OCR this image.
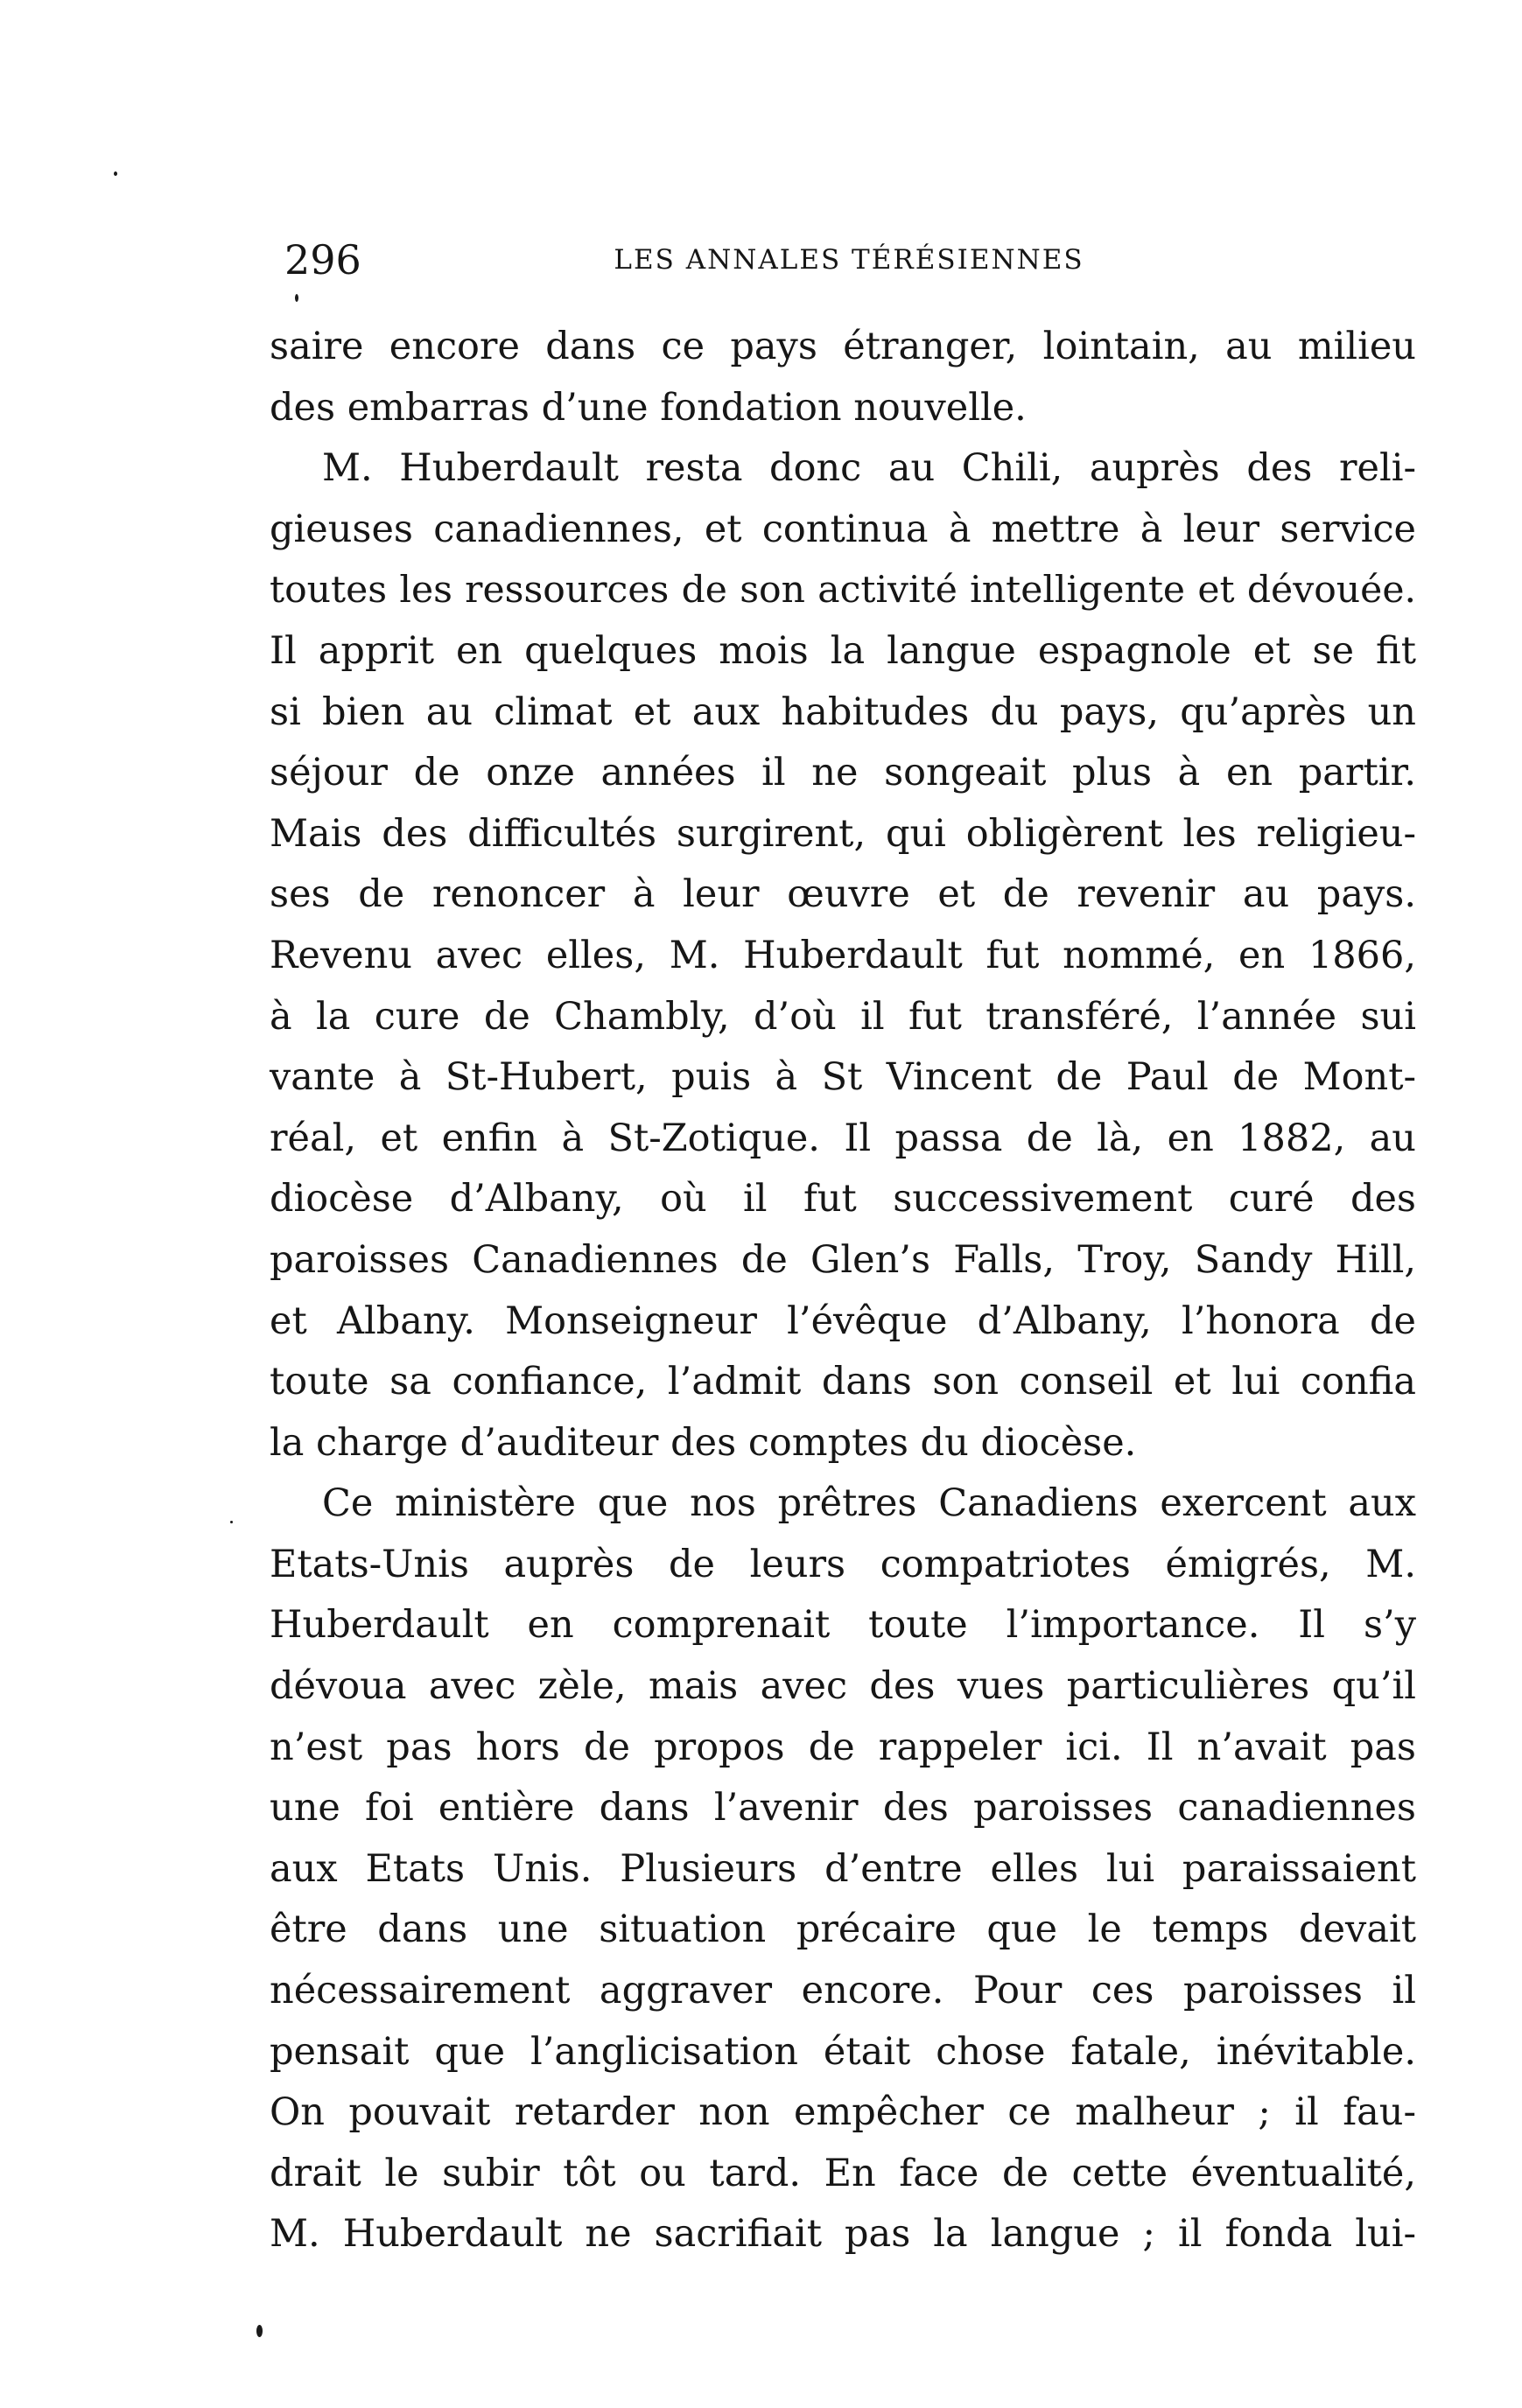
296	LES ANNALES TÉRÉSIENNES
saire encore dans ce pays étranger, lointain, au milieu
des embarras d’une fondation nouvelle.
M. Huberdault resta donc au Chili, auprès des reli-
gieuses canadiennes, et continua à mettre à leur service
toutes les ressources de son activité intelligente et dévouée.
Il apprit en quelques mois la langue espagnole et se fit
si bien au climat et aux habitudes du pays, qu’après un
séjour de onze années il ne songeait plus à en partir.
Mais des difficultés surgirent, qui obligèrent les religieu-
ses de renoncer à leur œuvre et de revenir au pays.
Revenu avec elles, M. Huberdault fut nommé, en 1866,
à la cure de Chambly, d’où il fut transféré, l’année sui
vante à St-Hubert, puis à St Vincent de Paul de Mont-
réal, et enfin à St-Zotique. Il passa de là, en 1882, au
diocèse d’Albany, où il fut successivement curé des
paroisses Canadiennes de Glen’s Falls, Troy, Sandy Hill,
et Albany. Monseigneur l’évêque d’Albany, l’honora de
toute sa confiance, l’admit dans son conseil et lui confia
la charge d’auditeur des comptes du diocèse.
Ce ministère que nos prêtres Canadiens exercent aux
Etats-Unis auprès de leurs compatriotes émigrés, M.
Huberdault en comprenait toute l’importance. Il s’y
dévoua avec zèle, mais avec des vues particulières qu’il
n’est pas hors de propos de rappeler ici. Il n’avait pas
une foi entière dans l’avenir des paroisses canadiennes
aux Etats Unis. Plusieurs d’entre elles lui paraissaient
être dans une situation précaire que le temps devait
nécessairement aggraver encore. Pour ces paroisses il
pensait que l’anglicisation était chose fatale, inévitable.
On pouvait retarder non empêcher ce malheur ; il fau-
drait le subir tôt ou tard. En face de cette éventualité,
M. Huberdault ne sacrifiait pas la langue ; il fonda lui-
